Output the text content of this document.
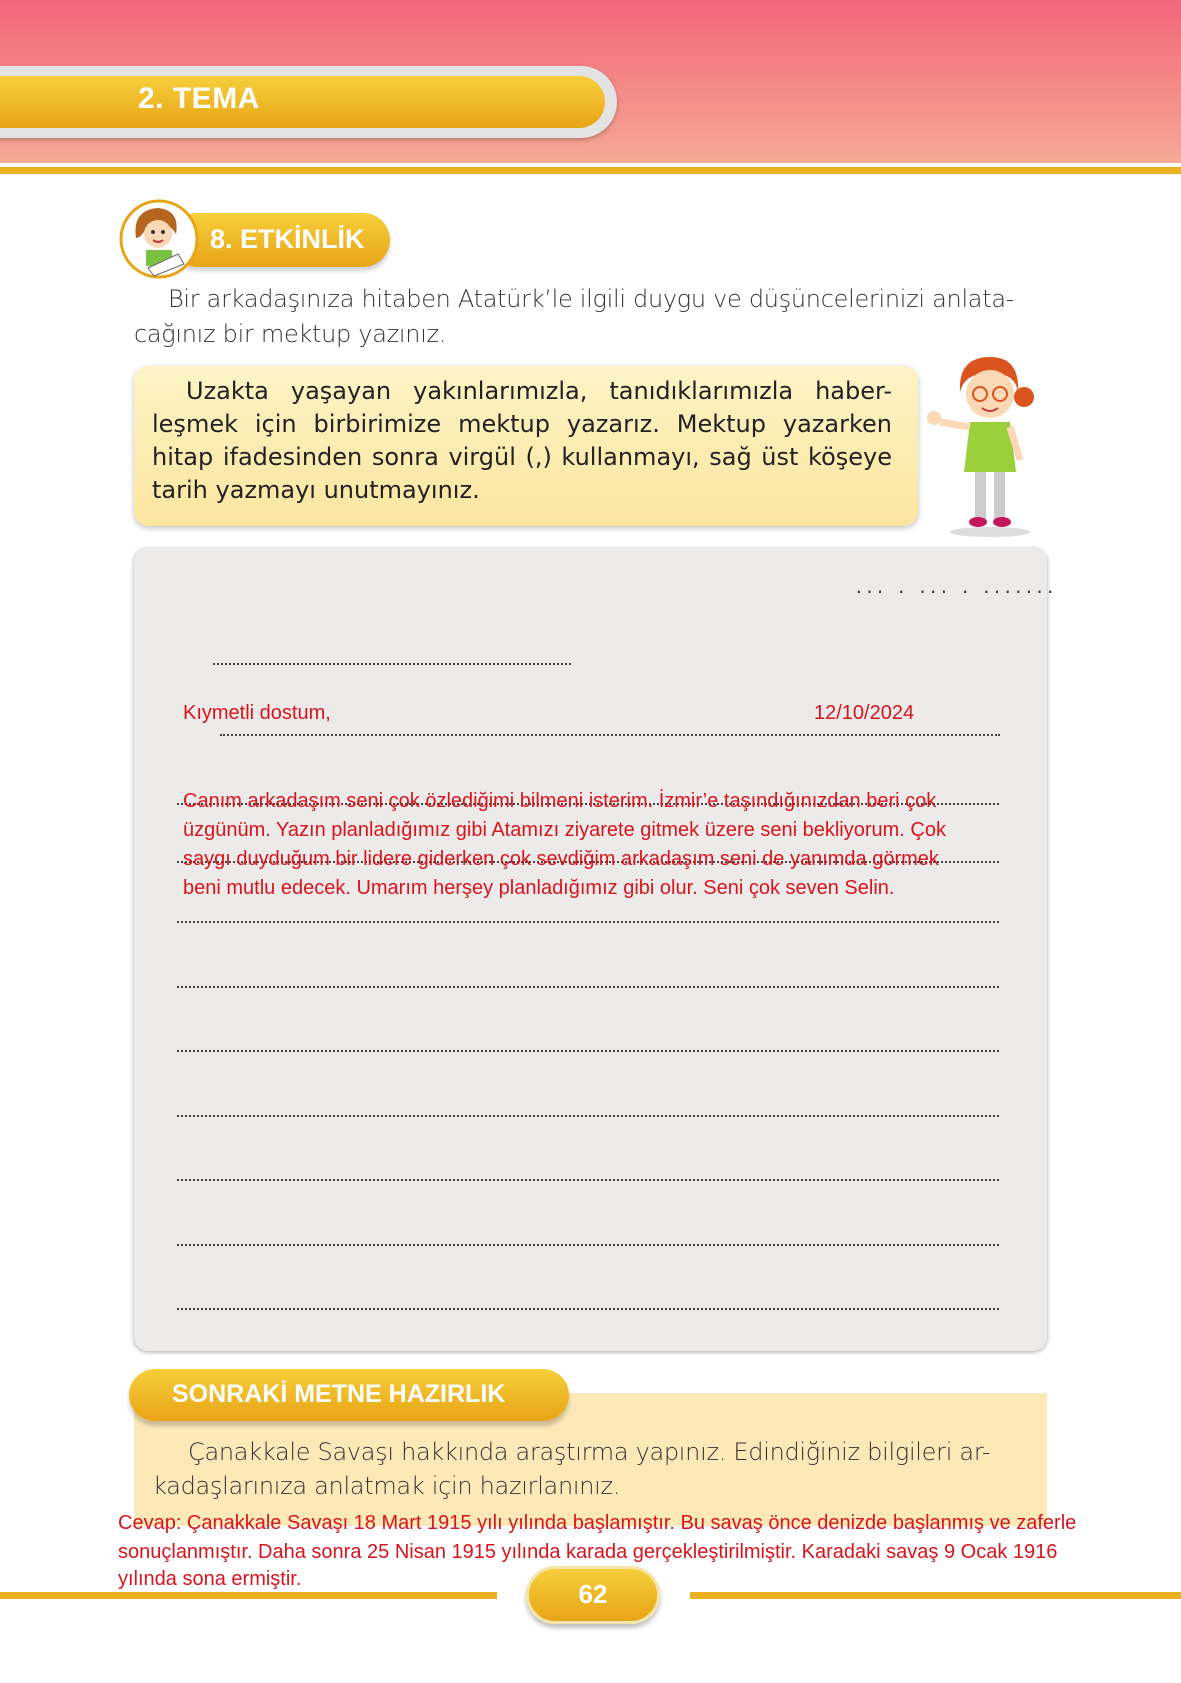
2. TEMA
8. ETKİNLİK
Bir arkadaşınıza hitaben Atatürk’le ilgili duygu ve düşüncelerinizi anlata-
cağınız bir mektup yazınız.
Uzakta yaşayan yakınlarımızla, tanıdıklarımızla haber-
leşmek için birbirimize mektup yazarız. Mektup yazarken
hitap ifadesinden sonra virgül (,) kullanmayı, sağ üst köşeye
tarih yazmayı unutmayınız.
... . ... . .......
Kıymetli dostum,	12/10/2024
Canım arkadaşım seni çok özlediğimi bilmeni isterim. İzmir’e taşındığınızdan beri çok
üzgünüm. Yazın planladığımız gibi Atamızı ziyarete gitmek üzere seni bekliyorum. Çok
saygı duyduğum bir lidere giderken çok sevdiğim arkadaşım seni de yanımda görmek
beni mutlu edecek. Umarım herşey planladığımız gibi olur. Seni çok seven Selin.
SONRAKİ METNE HAZIRLIK
Çanakkale Savaşı hakkında araştırma yapınız. Edindiğiniz bilgileri ar-
kadaşlarınıza anlatmak için hazırlanınız.
Cevap: Çanakkale Savaşı 18 Mart 1915 yılı yılında başlamıştır. Bu savaş önce denizde başlanmış ve zaferle
sonuçlanmıştır. Daha sonra 25 Nisan 1915 yılında karada gerçekleştirilmiştir. Karadaki savaş 9 Ocak 1916
yılında sona ermiştir.	62
